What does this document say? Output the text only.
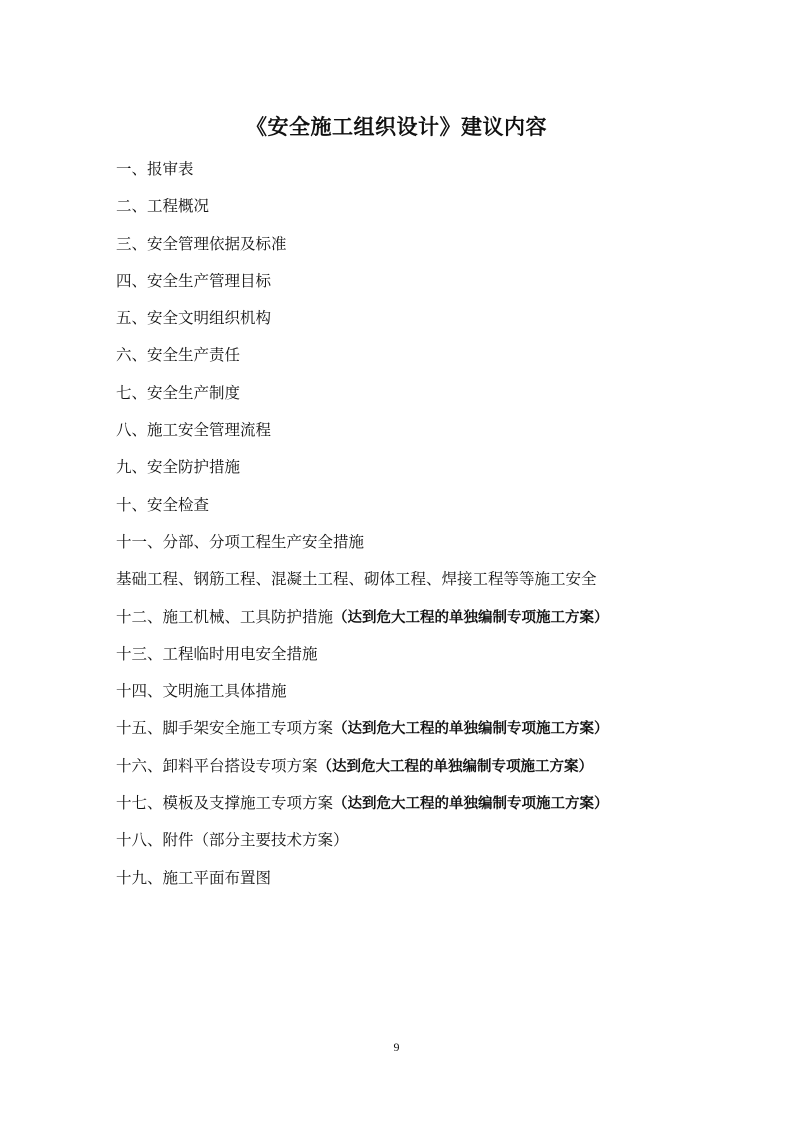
《安全施工组织设计》建议内容
一、报审表
二、工程概况
三、安全管理依据及标准
四、安全生产管理目标
五、安全文明组织机构
六、安全生产责任
七、安全生产制度
八、施工安全管理流程
九、安全防护措施
十、安全检查
十一、分部、分项工程生产安全措施
基础工程、钢筋工程、混凝土工程、砌体工程、焊接工程等等施工安全
十二、施工机械、工具防护措施（达到危大工程的单独编制专项施工方案）
十三、工程临时用电安全措施
十四、文明施工具体措施
十五、脚手架安全施工专项方案（达到危大工程的单独编制专项施工方案）
十六、卸料平台搭设专项方案（达到危大工程的单独编制专项施工方案）
十七、模板及支撑施工专项方案（达到危大工程的单独编制专项施工方案）
十八、附件（部分主要技术方案）
十九、施工平面布置图
9
